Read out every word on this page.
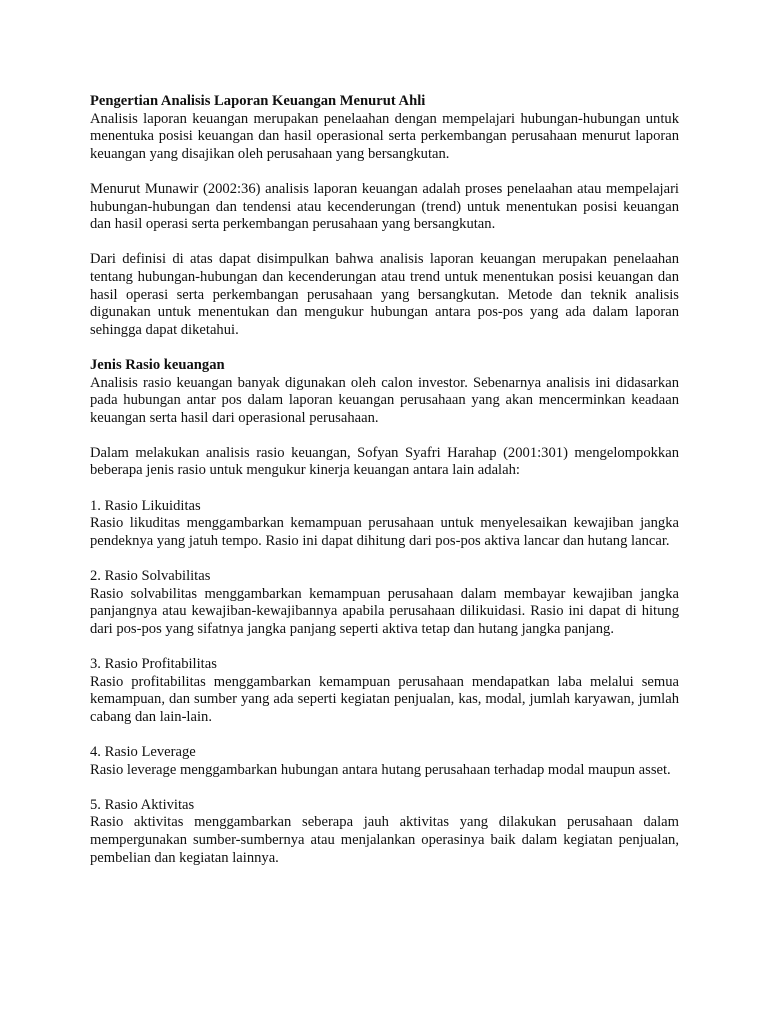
Pengertian Analisis Laporan Keuangan Menurut Ahli

Analisis laporan keuangan merupakan penelaahan dengan mempelajari hubungan-hubungan untuk menentuka posisi keuangan dan hasil operasional serta perkembangan perusahaan menurut laporan keuangan yang disajikan oleh perusahaan yang bersangkutan.

Menurut Munawir (2002:36) analisis laporan keuangan adalah proses penelaahan atau mempelajari hubungan-hubungan dan tendensi atau kecenderungan (trend) untuk menentukan posisi keuangan dan hasil operasi serta perkembangan perusahaan yang bersangkutan.

Dari definisi di atas dapat disimpulkan bahwa analisis laporan keuangan merupakan penelaahan tentang hubungan-hubungan dan kecenderungan atau trend untuk menentukan posisi keuangan dan hasil operasi serta perkembangan perusahaan yang bersangkutan. Metode dan teknik analisis digunakan untuk menentukan dan mengukur hubungan antara pos-pos yang ada dalam laporan sehingga dapat diketahui.

Jenis Rasio keuangan

Analisis rasio keuangan banyak digunakan oleh calon investor. Sebenarnya analisis ini didasarkan pada hubungan antar pos dalam laporan keuangan perusahaan yang akan mencerminkan keadaan keuangan serta hasil dari operasional perusahaan.

Dalam melakukan analisis rasio keuangan, Sofyan Syafri Harahap (2001:301) mengelompokkan beberapa jenis rasio untuk mengukur kinerja keuangan antara lain adalah:

1. Rasio Likuiditas

Rasio likuditas menggambarkan kemampuan perusahaan untuk menyelesaikan kewajiban jangka pendeknya yang jatuh tempo. Rasio ini dapat dihitung dari pos-pos aktiva lancar dan hutang lancar.

2. Rasio Solvabilitas

Rasio solvabilitas menggambarkan kemampuan perusahaan dalam membayar kewajiban jangka panjangnya atau kewajiban-kewajibannya apabila perusahaan dilikuidasi. Rasio ini dapat di hitung dari pos-pos yang sifatnya jangka panjang seperti aktiva tetap dan hutang jangka panjang.

3. Rasio Profitabilitas

Rasio profitabilitas menggambarkan kemampuan perusahaan mendapatkan laba melalui semua kemampuan, dan sumber yang ada seperti kegiatan penjualan, kas, modal, jumlah karyawan, jumlah cabang dan lain-lain.

4. Rasio Leverage

Rasio leverage menggambarkan hubungan antara hutang perusahaan terhadap modal maupun asset.

5. Rasio Aktivitas

Rasio aktivitas menggambarkan seberapa jauh aktivitas yang dilakukan perusahaan dalam mempergunakan sumber-sumbernya atau menjalankan operasinya baik dalam kegiatan penjualan, pembelian dan kegiatan lainnya.
